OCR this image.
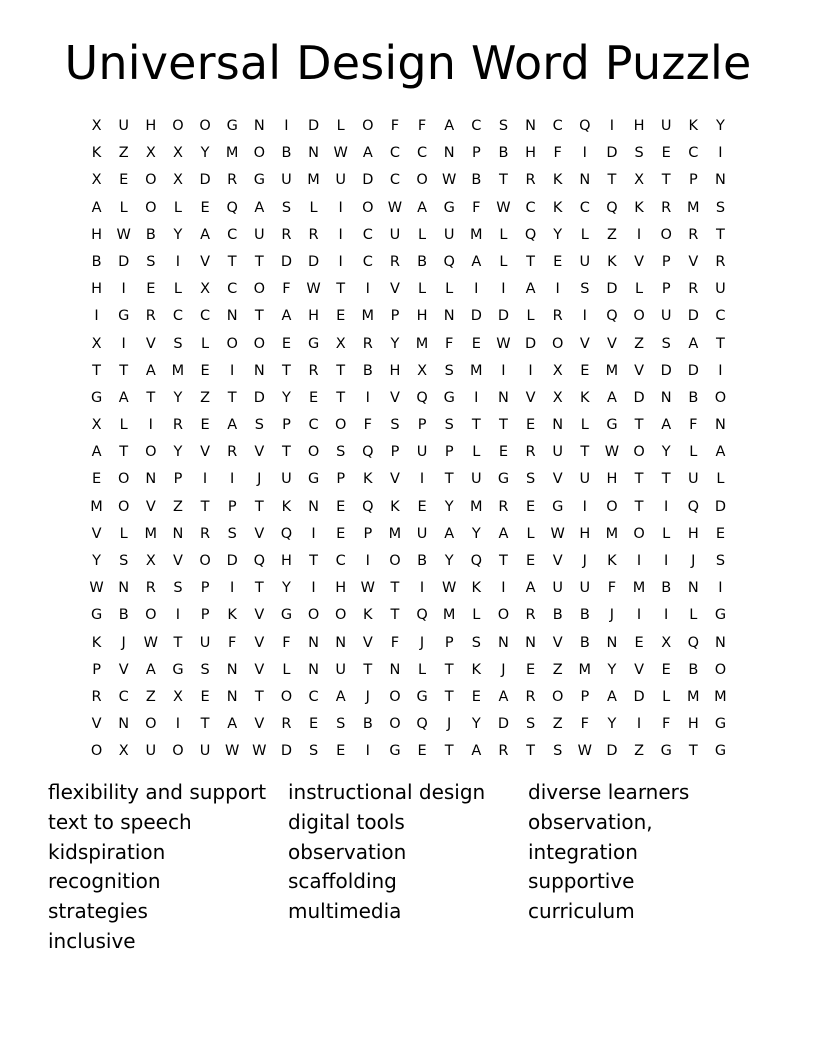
Universal Design Word Puzzle
X	U	H	O	O	G	N	I	D	L	O	F	F	A	C	S	N	C	Q	I	H	U	K	Y
K	Z	X	X	Y	M	O	B	N	W	A	C	C	N	P	B	H	F	I	D	S	E	C	I
X	E	O	X	D	R	G	U	M	U	D	C	O W	B	T	R	K	N	T	X	T	P	N
A	L	O	L	E	Q	A	S	L	I	O W	A	G	F	W	C	K	C	Q	K	R	M	S
H	W	B	Y	A	C	U	R	R	I	C	U	L	U	M	L	Q	Y	L	Z	I	O	R	T
B	D	S	I	V	T	T	D	D	I	C	R	B	Q	A	L	T	E	U	K	V	P	V	R
H	I	E	L	X	C	O	F	W	T	I	V	L	L	I	I	A	I	S	D	L	P	R	U
I	G	R	C	C	N	T	A	H	E	M	P	H	N	D	D	L	R	I	Q	O	U	D	C
X	I	V	S	L	O	O	E	G	X	R	Y	M	F	E	W D	O	V	V	Z	S	A	T
T	T	A	M	E	I	N	T	R	T	B	H	X	S	M	I	I	X	E	M	V	D	D	I
G	A	T	Y	Z	T	D	Y	E	T	I	V	Q	G	I	N	V	X	K	A	D	N	B	O
X	L	I	R	E	A	S	P	C	O	F	S	P	S	T	T	E	N	L	G	T	A	F	N
A	T	O	Y	V	R	V	T	O	S	Q	P	U	P	L	E	R	U	T	W O	Y	L	A
E	O	N	P	I	I	J	U	G	P	K	V	I	T	U	G	S	V	U	H	T	T	U	L
M	O	V	Z	T	P	T	K	N	E	Q	K	E	Y	M	R	E	G	I	O	T	I	Q	D
V	L	M	N	R	S	V	Q	I	E	P	M	U	A	Y	A	L	W	H	M	O	L	H	E
Y	S	X	V	O	D	Q	H	T	C	I	O	B	Y	Q	T	E	V	J	K	I	I	J	S
W	N	R	S	P	I	T	Y	I	H	W	T	I	W	K	I	A	U	U	F	M	B	N	I
G	B	O	I	P	K	V	G	O	O	K	T	Q	M	L	O	R	B	B	J	I	I	L	G
K	J	W	T	U	F	V	F	N	N	V	F	J	P	S	N	N	V	B	N	E	X	Q	N
P	V	A	G	S	N	V	L	N	U	T	N	L	T	K	J	E	Z	M	Y	V	E	B	O
R	C	Z	X	E	N	T	O	C	A	J	O	G	T	E	A	R	O	P	A	D	L	M	M
V	N	O	I	T	A	V	R	E	S	B	O	Q	J	Y	D	S	Z	F	Y	I	F	H	G
O	X	U	O	U	W W D	S	E	I	G	E	T	A	R	T	S	W D	Z	G	T	G
flexibility and support	instructional design	diverse learners
text to speech	digital tools	observation,
kidspiration	observation	integration
recognition	scaffolding	supportive
strategies	multimedia	curriculum
inclusive
